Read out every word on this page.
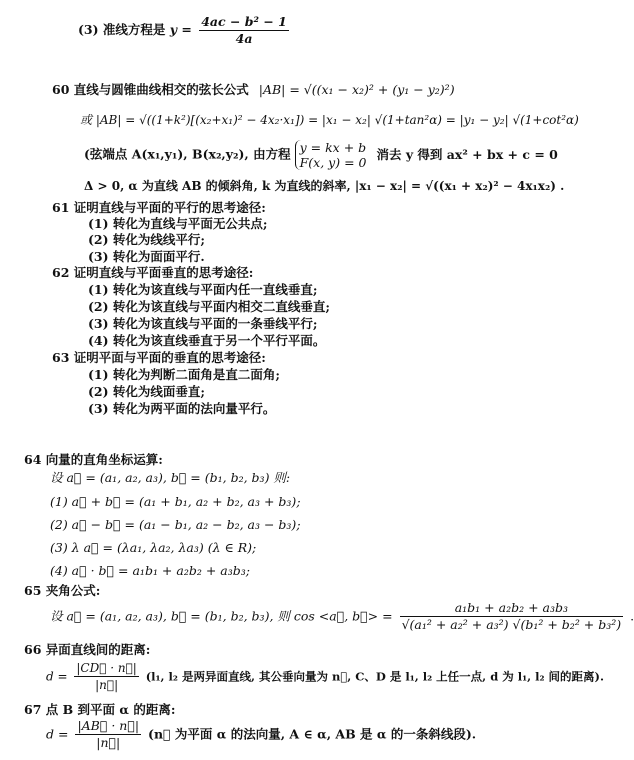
(3) 准线方程是 $y = \frac{\text{4ac − b² − 1}}{4a}$
60 直线与圆锥曲线相交的弦长公式 |AB| = √((x₁ − x₂)² + (y₁ − y₂)²)
或 |AB| = √((1+k²)[(x₂+x₁)² − 4x₂·x₁]) = |x₁ − x₂| √(1+tan²α) = |y₁ − y₂| √(1+cot²α)
(弦端点 A(x₁,y₁), B(x₂,y₂), 由方程 y = kx + b
F(x, y) = 0
消去 y 得到 ax² + bx + c = 0
Δ > 0, α 为直线 AB 的倾斜角, k 为直线的斜率, |x₁ − x₂| = √((x₁ + x₂)² − 4x₁x₂) .
61 证明直线与平面的平行的思考途径:
(1) 转化为直线与平面无公共点;
(2) 转化为线线平行;
(3) 转化为面面平行.
62 证明直线与平面垂直的思考途径:
(1) 转化为该直线与平面内任一直线垂直;
(2) 转化为该直线与平面内相交二直线垂直;
(3) 转化为该直线与平面的一条垂线平行;
(4) 转化为该直线垂直于另一个平行平面。
63 证明平面与平面的垂直的思考途径:
(1) 转化为判断二面角是直二面角;
(2) 转化为线面垂直;
(3) 转化为两平面的法向量平行。
64 向量的直角坐标运算:
设 a⃗ = (a₁, a₂, a₃), b⃗ = (b₁, b₂, b₃) 则:
(1) a⃗ + b⃗ = (a₁ + b₁, a₂ + b₂, a₃ + b₃);
(2) a⃗ − b⃗ = (a₁ − b₁, a₂ − b₂, a₃ − b₃);
(3) λ a⃗ = (λa₁, λa₂, λa₃) (λ ∈ R);
(4) a⃗ · b⃗ = a₁b₁ + a₂b₂ + a₃b₃;
65 夹角公式:
设 a⃗ = (a₁, a₂, a₃), b⃗ = (b₁, b₂, b₃), 则 cos <a⃗, b⃗> = $\frac{\text{a₁b₁ + a₂b₂ + a₃b₃}}{\text{√(a₁² + a₂² + a₃²) √(b₁² + b₂² + b₃²)}}$ .
66 异面直线间的距离:
$d = \frac{|CD⃗ \cdot n⃗|}{|n⃗|} (l_1$, l₂ 是两异面直线, 其公垂向量为 n⃗, C、D 是 l₁, l₂ 上任一点, d 为 l₁, l₂ 间的距离).
67 点 B 到平面 α 的距离:
$d = \frac{|AB⃗ \cdot n⃗|}{|n⃗|}$ (n⃗ 为平面 α 的法向量, A ∈ α, AB 是 α 的一条斜线段).
